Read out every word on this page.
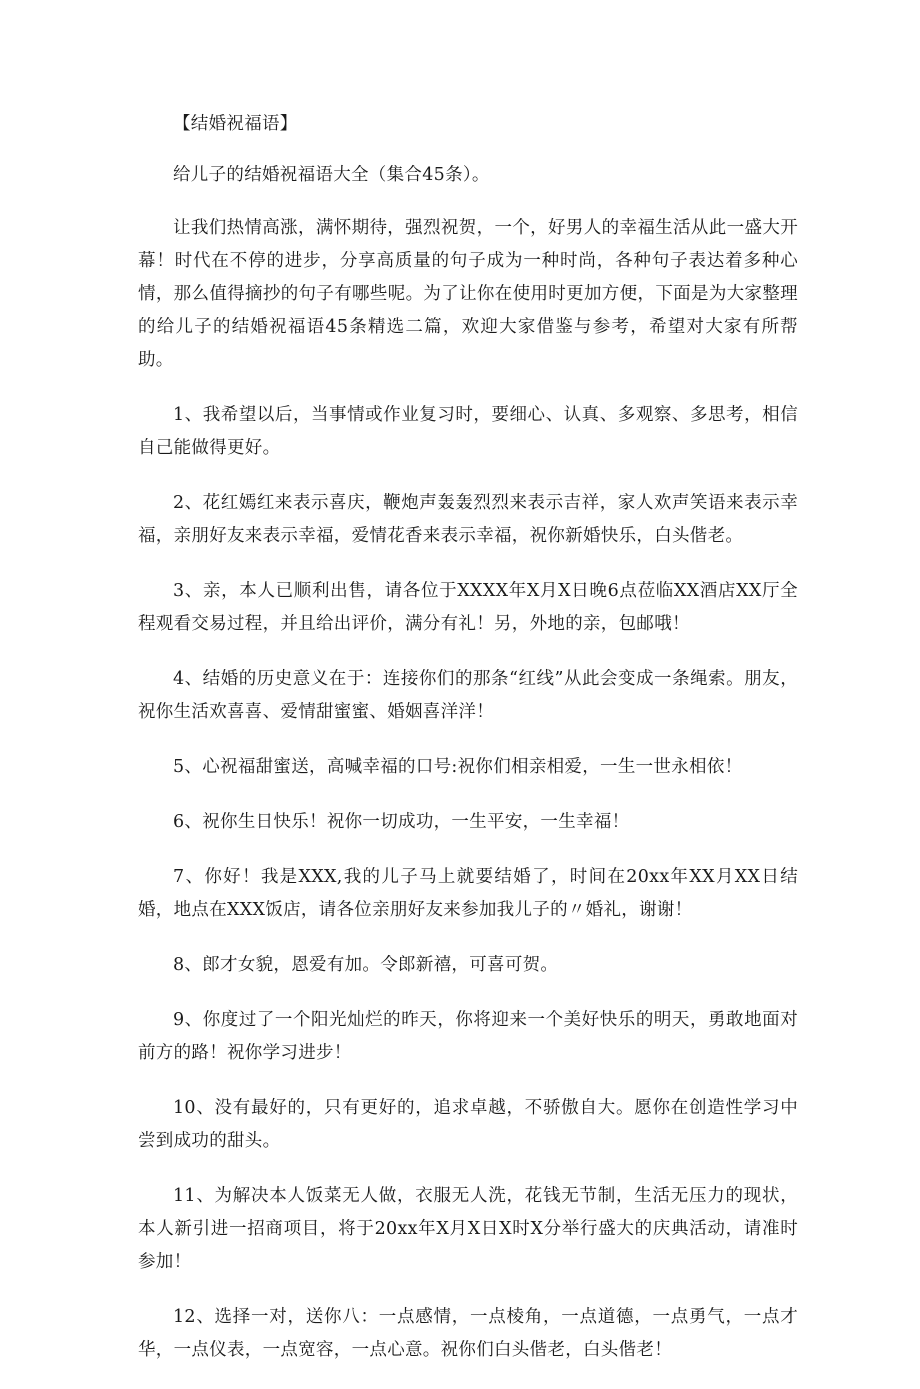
【结婚祝福语】

给儿子的结婚祝福语大全（集合45条）。

让我们热情高涨，满怀期待，强烈祝贺，一个，好男人的幸福生活从此一盛大开幕！时代在不停的进步，分享高质量的句子成为一种时尚，各种句子表达着多种心情，那么值得摘抄的句子有哪些呢。为了让你在使用时更加方便，下面是为大家整理的给儿子的结婚祝福语45条精选二篇，欢迎大家借鉴与参考，希望对大家有所帮助。

1、我希望以后，当事情或作业复习时，要细心、认真、多观察、多思考，相信自己能做得更好。

2、花红嫣红来表示喜庆，鞭炮声轰轰烈烈来表示吉祥，家人欢声笑语来表示幸福，亲朋好友来表示幸福，爱情花香来表示幸福，祝你新婚快乐，白头偕老。

3、亲，本人已顺利出售，请各位于XXXX年X月X日晚6点莅临XX酒店XX厅全程观看交易过程，并且给出评价，满分有礼！另，外地的亲，包邮哦！

4、结婚的历史意义在于：连接你们的那条“红线”从此会变成一条绳索。朋友，祝你生活欢喜喜、爱情甜蜜蜜、婚姻喜洋洋！

5、心祝福甜蜜送，高喊幸福的口号:祝你们相亲相爱，一生一世永相依！

6、祝你生日快乐！祝你一切成功，一生平安，一生幸福！

7、你好！我是XXX,我的儿子马上就要结婚了，时间在20xx年XX月XX日结婚，地点在XXX饭店，请各位亲朋好友来参加我儿子的〃婚礼，谢谢！

8、郎才女貌，恩爱有加。令郎新禧，可喜可贺。

9、你度过了一个阳光灿烂的昨天，你将迎来一个美好快乐的明天，勇敢地面对前方的路！祝你学习进步！

10、没有最好的，只有更好的，追求卓越，不骄傲自大。愿你在创造性学习中尝到成功的甜头。

11、为解决本人饭菜无人做，衣服无人洗，花钱无节制，生活无压力的现状，本人新引进一招商项目，将于20xx年X月X日X时X分举行盛大的庆典活动，请准时参加！

12、选择一对，送你八：一点感情，一点棱角，一点道德，一点勇气，一点才华，一点仪表，一点宽容，一点心意。祝你们白头偕老，白头偕老！
